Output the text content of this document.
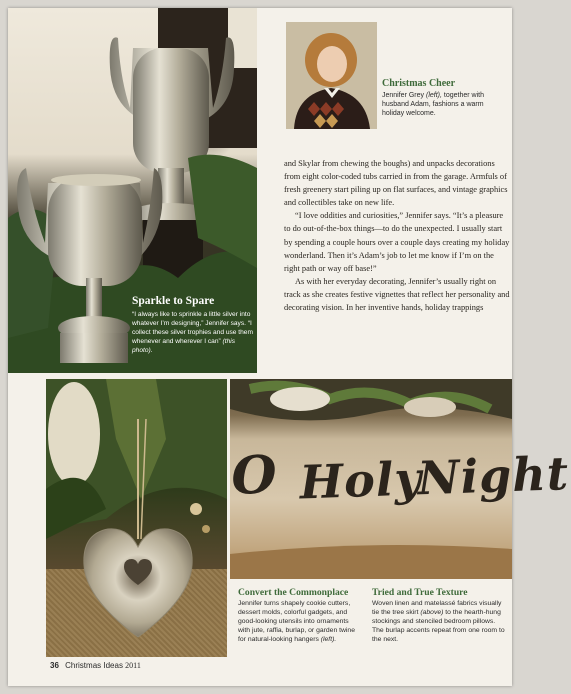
Sparkle to Spare
“I always like to sprinkle a little silver into whatever I’m designing,” Jennifer says. “I collect these silver trophies and use them whenever and wherever I can” (this photo).
Christmas Cheer
Jennifer Grey (left), together with husband Adam, fashions a warm holiday welcome.

and Skylar from chewing the boughs) and unpacks decorations from eight color-coded tubs carried in from the garage. Armfuls of fresh greenery start piling up on flat surfaces, and vintage graphics and collectibles take on new life.

“I love oddities and curiosities,” Jennifer says. “It’s a pleasure to do out-of-the-box things—to do the unexpected. I usually start by spending a couple hours over a couple days creating my holiday wonderland. Then it’s Adam’s job to let me know if I’m on the right path or way off base!”

As with her everyday decorating, Jennifer’s usually right on track as she creates festive vignettes that reflect her personality and decorating vision. In her inventive hands, holiday trappings

O Holy
Night
Convert the Commonplace
Jennifer turns shapely cookie cutters, dessert molds, colorful gadgets, and good-looking utensils into ornaments with jute, raffia, burlap, or garden twine for natural-looking hangers (left).
Tried and True Texture
Woven linen and matelassé fabrics visually tie the tree skirt (above) to the hearth-hung stockings and stenciled bedroom pillows. The burlap accents repeat from one room to the next.
36 Christmas Ideas 2011
